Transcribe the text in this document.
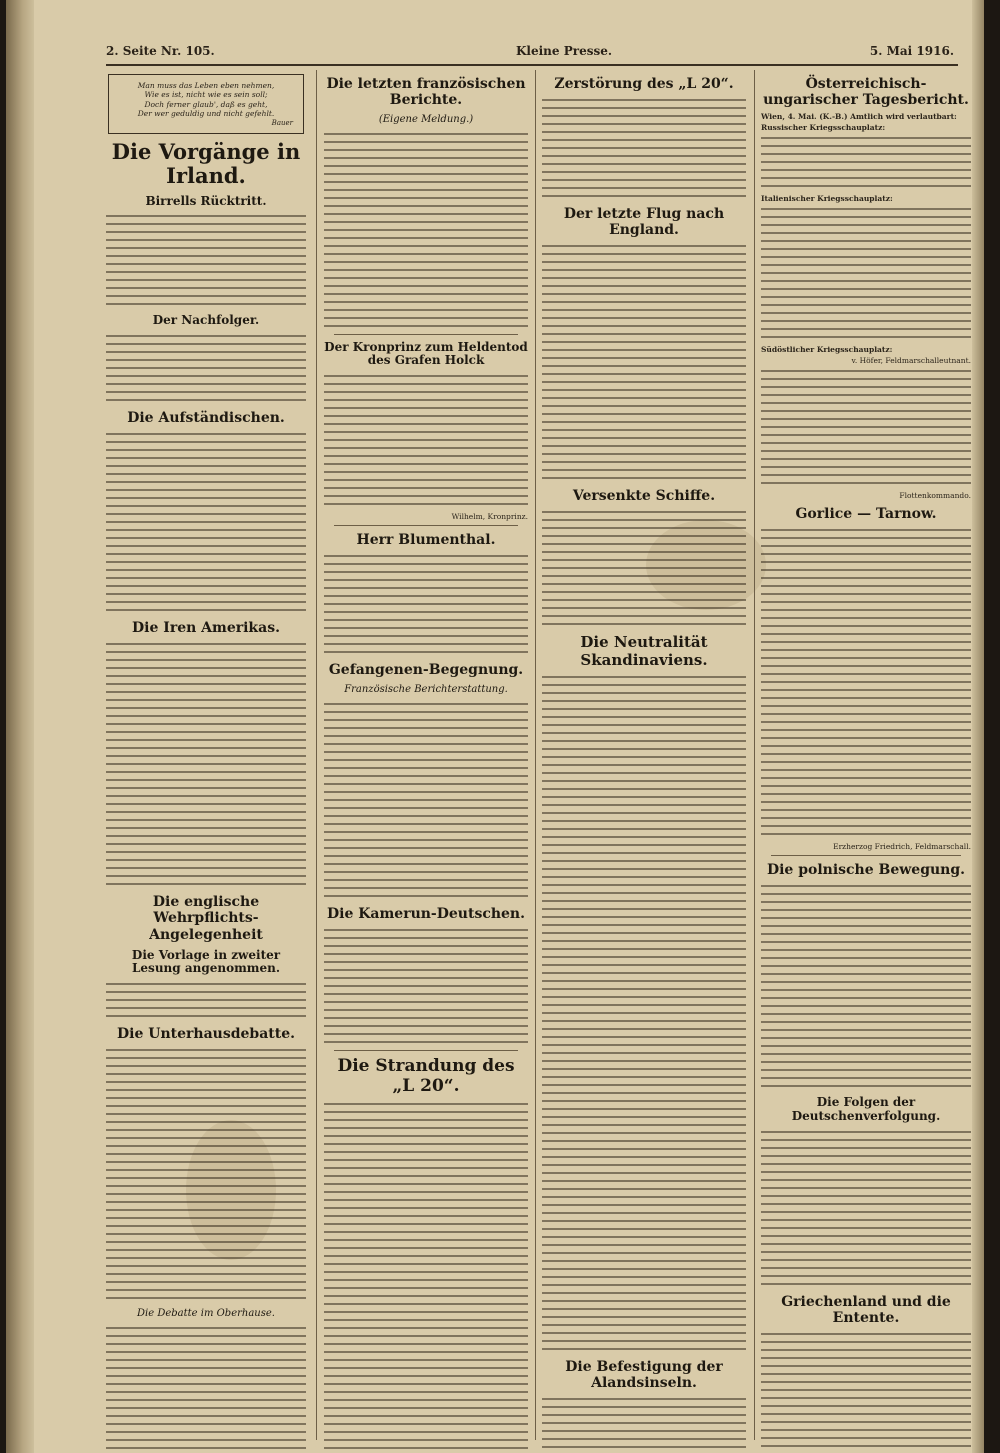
2. Seite Nr. 105.	Kleine Presse.	5. Mai 1916.
Man muss das Leben eben nehmen,
Wie es ist, nicht wie es sein soll;
Doch ferner glaub', daß es geht,
Der wer geduldig und nicht gefehlt.
Bauer
Die Vorgänge in Irland.
Birrells Rücktritt.
Der Nachfolger.
Die Aufständischen.
Die Iren Amerikas.
Die englische Wehrpflichts-Angelegenheit
Die Vorlage in zweiter Lesung angenommen.
Die Unterhausdebatte.
Die Debatte im Oberhause.
Die letzten französischen Berichte.
(Eigene Meldung.)
Der Kronprinz zum Heldentod des Grafen Holck
Wilhelm, Kronprinz.
Herr Blumenthal.
Gefangenen-Begegnung.
Französische Berichterstattung.
Die Kamerun-Deutschen.
Die Strandung des „L 20“.
Zerstörung des „L 20“.
Der letzte Flug nach England.
Versenkte Schiffe.
Die Neutralität Skandinaviens.
Die Befestigung der Alandsinseln.
Österreichisch-ungarischer Tagesbericht.
Wien, 4. Mai. (K.-B.) Amtlich wird verlautbart:
Russischer Kriegsschauplatz:
Italienischer Kriegsschauplatz:
Südöstlicher Kriegsschauplatz:
v. Höfer, Feldmarschalleutnant.
Flottenkommando.
Gorlice — Tarnow.
Erzherzog Friedrich, Feldmarschall.
Die polnische Bewegung.
Die Folgen der Deutschenverfolgung.
Griechenland und die Entente.
